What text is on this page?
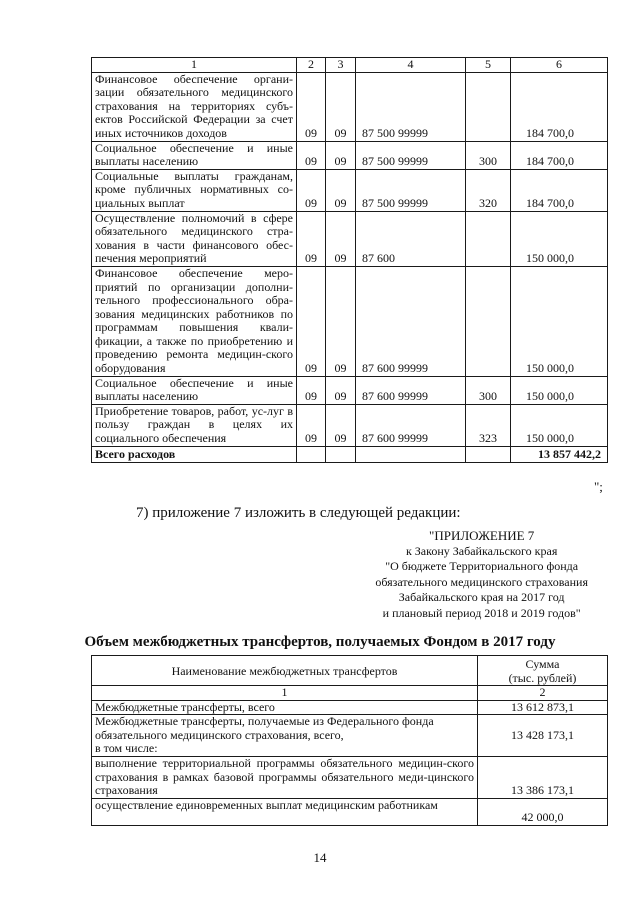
1	2	3	4	5	6
Финансовое обеспечение органи-зации обязательного медицинского страхования на территориях субъ-ектов Российской Федерации за счет иных источников доходов	09	09	87 500 99999		184 700,0
Социальное обеспечение и иные выплаты населению	09	09	87 500 99999	300	184 700,0
Социальные выплаты гражданам, кроме публичных нормативных со-циальных выплат	09	09	87 500 99999	320	184 700,0
Осуществление полномочий в сфере обязательного медицинского стра-хования в части финансового обес-печения мероприятий	09	09	87 600		150 000,0
Финансовое обеспечение меро-приятий по организации дополни-тельного профессионального обра-зования медицинских работников по программам повышения квали-фикации, а также по приобретению и проведению ремонта медицин-ского оборудования	09	09	87 600 99999		150 000,0
Социальное обеспечение и иные выплаты населению	09	09	87 600 99999	300	150 000,0
Приобретение товаров, работ, ус-луг в пользу граждан в целях их социального обеспечения	09	09	87 600 99999	323	150 000,0
Всего расходов					13 857 442,2
";
7) приложение 7 изложить в следующей редакции:
"ПРИЛОЖЕНИЕ 7
к Закону Забайкальского края
"О бюджете Территориального фонда
обязательного медицинского страхования
Забайкальского края на 2017 год
и плановый период 2018 и 2019 годов"
Объем межбюджетных трансфертов, получаемых Фондом в 2017 году
Наименование межбюджетных трансфертов	Сумма
(тыс. рублей)

1	2
Межбюджетные трансферты, всего	13 612 873,1

Межбюджетные трансферты, получаемые из Федерального фонда обязательного медицинского страхования, всего,
в том числе:	13 428 173,1
выполнение территориальной программы обязательного медицин-ского страхования в рамках базовой программы обязательного меди-цинского страхования	13 386 173,1
осуществление единовременных выплат медицинским работникам	42 000,0
14
